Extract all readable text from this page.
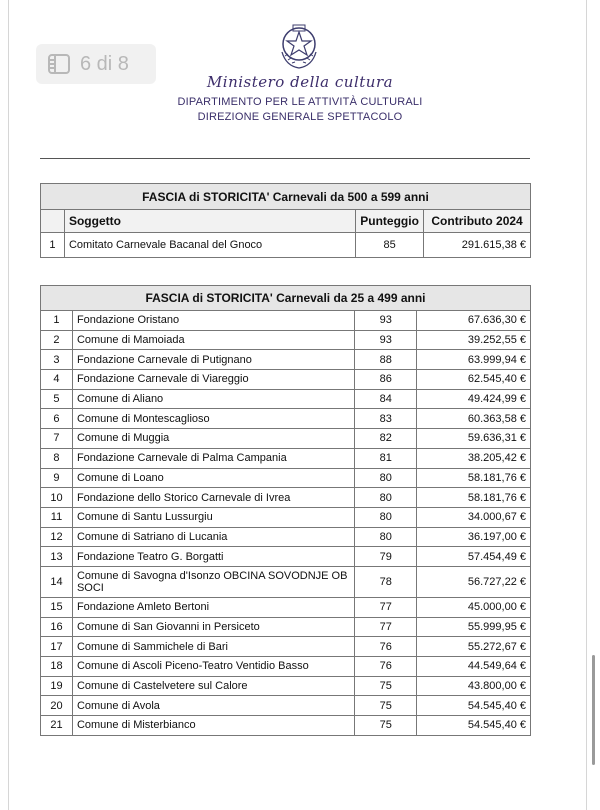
6 di 8
Ministero della cultura
DIPARTIMENTO PER LE ATTIVITÀ CULTURALI
DIREZIONE GENERALE SPETTACOLO
FASCIA di STORICITA' Carnevali da 500 a 599 anni			
	Soggetto	Punteggio	Contributo 2024
1	Comitato Carnevale Bacanal del Gnoco	85	291.615,38 €
FASCIA di STORICITA' Carnevali da 25 a 499 anni			
1	Fondazione Oristano	93	67.636,30 €
2	Comune di Mamoiada	93	39.252,55 €
3	Fondazione Carnevale di Putignano	88	63.999,94 €
4	Fondazione Carnevale di Viareggio	86	62.545,40 €
5	Comune di Aliano	84	49.424,99 €
6	Comune di Montescaglioso	83	60.363,58 €
7	Comune di Muggia	82	59.636,31 €
8	Fondazione Carnevale di Palma Campania	81	38.205,42 €
9	Comune di Loano	80	58.181,76 €
10	Fondazione dello Storico Carnevale di Ivrea	80	58.181,76 €
11	Comune di Santu Lussurgiu	80	34.000,67 €
12	Comune di Satriano di Lucania	80	36.197,00 €
13	Fondazione Teatro G. Borgatti	79	57.454,49 €
14	Comune di Savogna d'Isonzo OBCINA SOVODNJE OB SOCI	78	56.727,22 €
15	Fondazione Amleto Bertoni	77	45.000,00 €
16	Comune di San Giovanni in Persiceto	77	55.999,95 €
17	Comune di Sammichele di Bari	76	55.272,67 €
18	Comune di Ascoli Piceno-Teatro Ventidio Basso	76	44.549,64 €
19	Comune di Castelvetere sul Calore	75	43.800,00 €
20	Comune di Avola	75	54.545,40 €
21	Comune di Misterbianco	75	54.545,40 €
